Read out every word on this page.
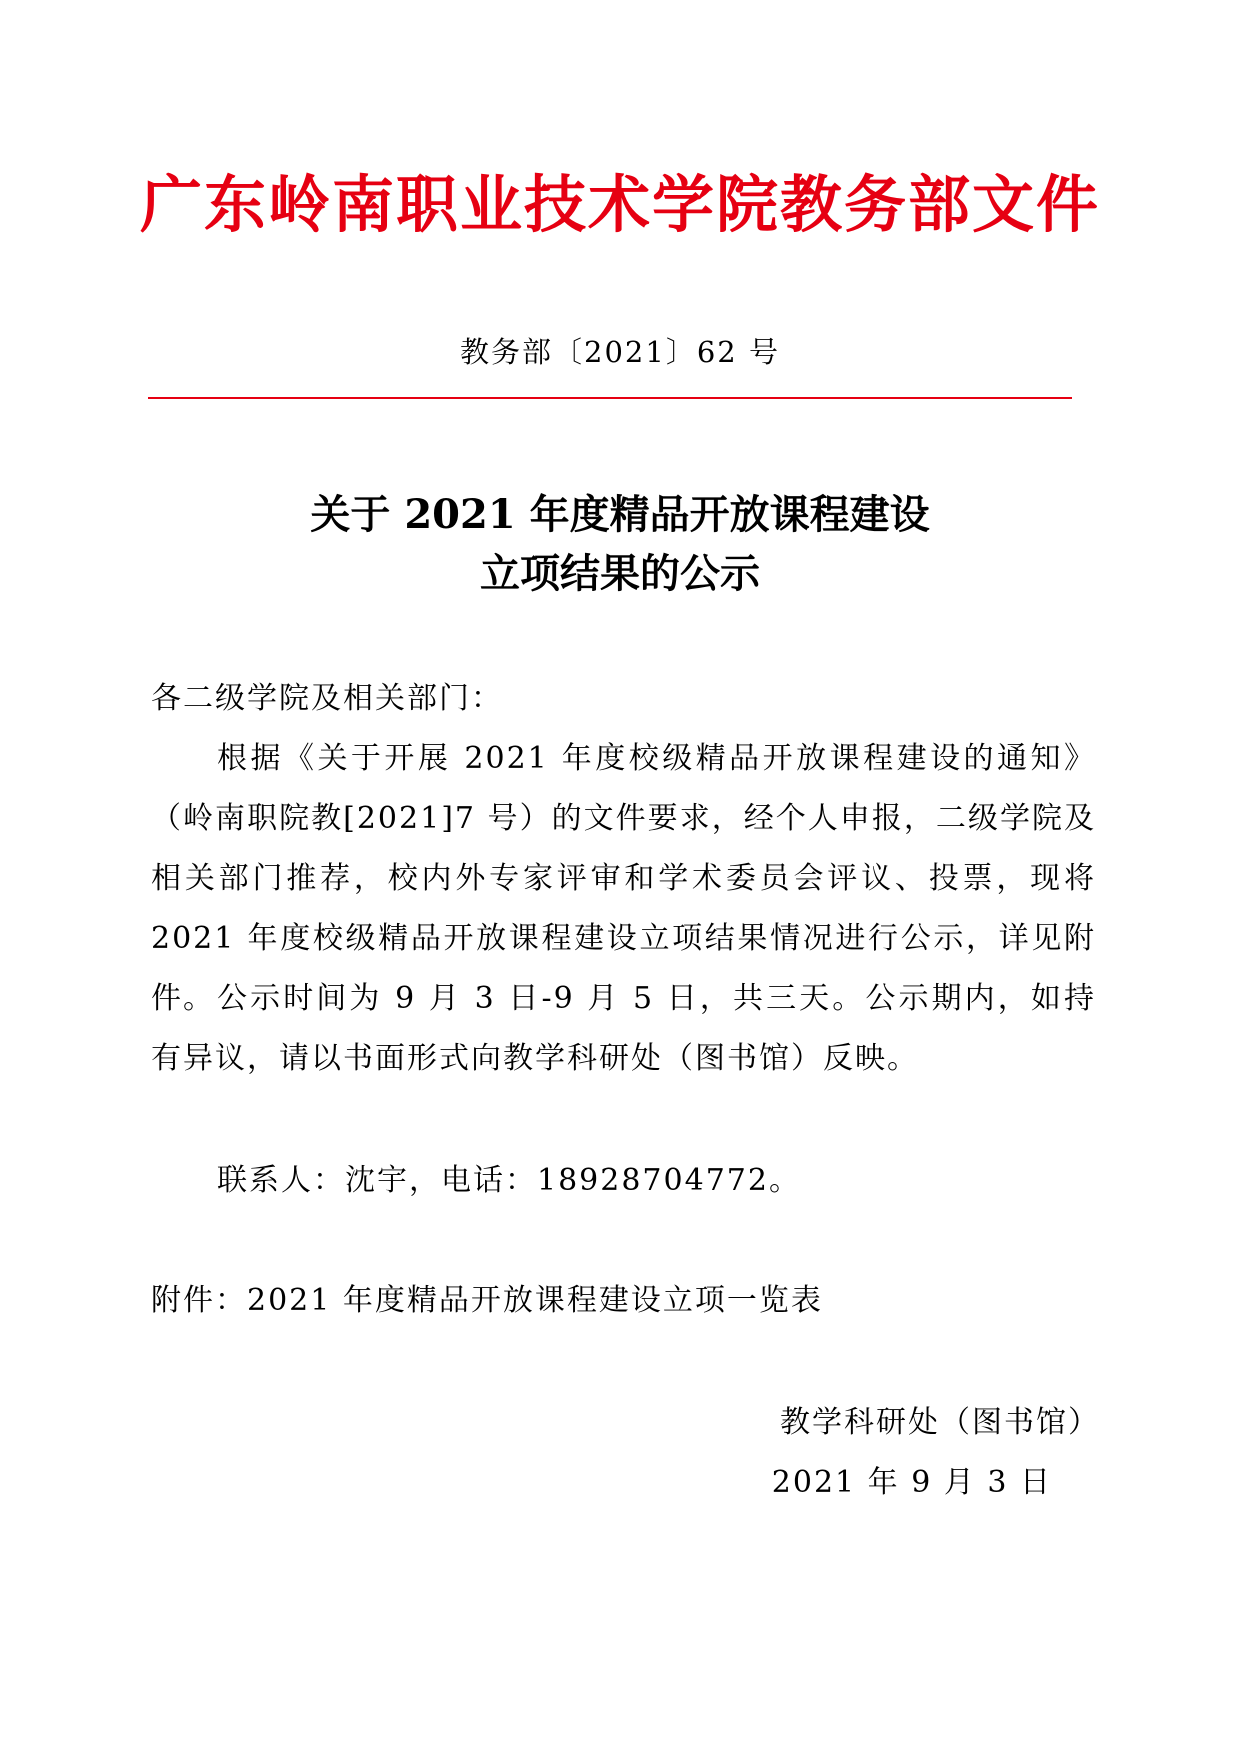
广东岭南职业技术学院教务部文件
教务部〔2021〕62 号
关于 2021 年度精品开放课程建设
立项结果的公示
各二级学院及相关部门：
根据《关于开展 2021 年度校级精品开放课程建设的通知》（岭南职院教[2021]7 号）的文件要求，经个人申报，二级学院及相关部门推荐，校内外专家评审和学术委员会评议、投票，现将 2021 年度校级精品开放课程建设立项结果情况进行公示，详见附件。 公示时间为 9 月 3 日-9 月 5 日，共三天。公示期内，如持有异议，请以书面形式向教学科研处（图书馆）反映。
联系人：沈宇，电话：18928704772。
附件：2021 年度精品开放课程建设立项一览表
教学科研处（图书馆）
2021 年 9 月 3 日
